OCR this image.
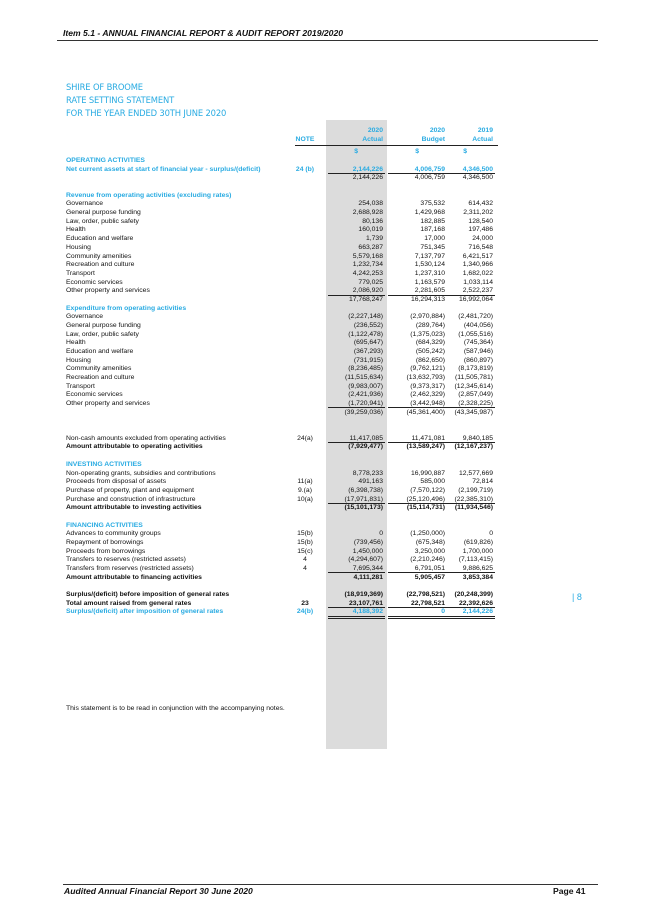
Item 5.1 - ANNUAL FINANCIAL REPORT & AUDIT REPORT 2019/2020
SHIRE OF BROOME
RATE SETTING STATEMENT
FOR THE YEAR ENDED 30TH JUNE 2020
2020	2020	2019
NOTE	Actual	Budget	Actual
$	$	$
OPERATING ACTIVITIES
Net current assets at start of financial year - surplus/(deficit)	24 (b)	2,144,226	4,006,759	4,346,500
2,144,226	4,006,759	4,346,500
Revenue from operating activities (excluding rates)
Governance	254,038	375,532	614,432
General purpose funding	2,688,928	1,429,968	2,311,202
Law, order, public safety	80,136	182,885	128,540
Health	160,019	187,168	197,486
Education and welfare	1,739	17,000	24,000
Housing	663,287	751,345	716,548
Community amenities	5,579,168	7,137,797	6,421,517
Recreation and culture	1,232,734	1,530,124	1,340,966
Transport	4,242,253	1,237,310	1,682,022
Economic services	779,025	1,163,579	1,033,114
Other property and services	2,086,920	2,281,605	2,522,237
17,768,247	16,294,313	16,992,064
Expenditure from operating activities
Governance	(2,227,148)	(2,970,884)	(2,481,720)
General purpose funding	(236,552)	(289,764)	(404,056)
Law, order, public safety	(1,122,478)	(1,375,023)	(1,055,516)
Health	(695,647)	(684,329)	(745,364)
Education and welfare	(367,293)	(505,242)	(587,946)
Housing	(731,915)	(862,650)	(860,897)
Community amenities	(8,236,485)	(9,762,121)	(8,173,819)
Recreation and culture	(11,515,634)	(13,632,793)	(11,505,781)
Transport	(9,983,007)	(9,373,317)	(12,345,614)
Economic services	(2,421,936)	(2,462,329)	(2,857,049)
Other property and services	(1,720,941)	(3,442,948)	(2,328,225)
(39,259,036)	(45,361,400)	(43,345,987)
Non-cash amounts excluded from operating activities	24(a)	11,417,085	11,471,081	9,840,185
Amount attributable to operating activities	(7,929,477)	(13,589,247)	(12,167,237)
INVESTING ACTIVITIES
Non-operating grants, subsidies and contributions	8,778,233	16,990,887	12,577,669
Proceeds from disposal of assets	11(a)	491,163	585,000	72,814
Purchase of property, plant and equipment	9.(a)	(6,398,738)	(7,570,122)	(2,199,719)
Purchase and construction of infrastructure	10(a)	(17,971,831)	(25,120,496)	(22,385,310)
Amount attributable to investing activities	(15,101,173)	(15,114,731)	(11,934,546)
FINANCING ACTIVITIES
Advances to community groups	15(b)	0	(1,250,000)	0
Repayment of borrowings	15(b)	(739,456)	(675,348)	(619,826)
Proceeds from borrowings	15(c)	1,450,000	3,250,000	1,700,000
Transfers to reserves (restricted assets)	4	(4,294,607)	(2,210,246)	(7,113,415)
Transfers from reserves (restricted assets)	4	7,695,344	6,791,051	9,886,625
Amount attributable to financing activities	4,111,281	5,905,457	3,853,384
Surplus/(deficit) before imposition of general rates	(18,919,369)	(22,798,521)	(20,248,399)
Total amount raised from general rates	23	23,107,761	22,798,521	22,392,626
Surplus/(deficit) after imposition of general rates	24(b)	4,188,392	0	2,144,226
This statement is to be read in conjunction with the accompanying notes.
| 8
Audited Annual Financial Report 30 June 2020	Page 41
